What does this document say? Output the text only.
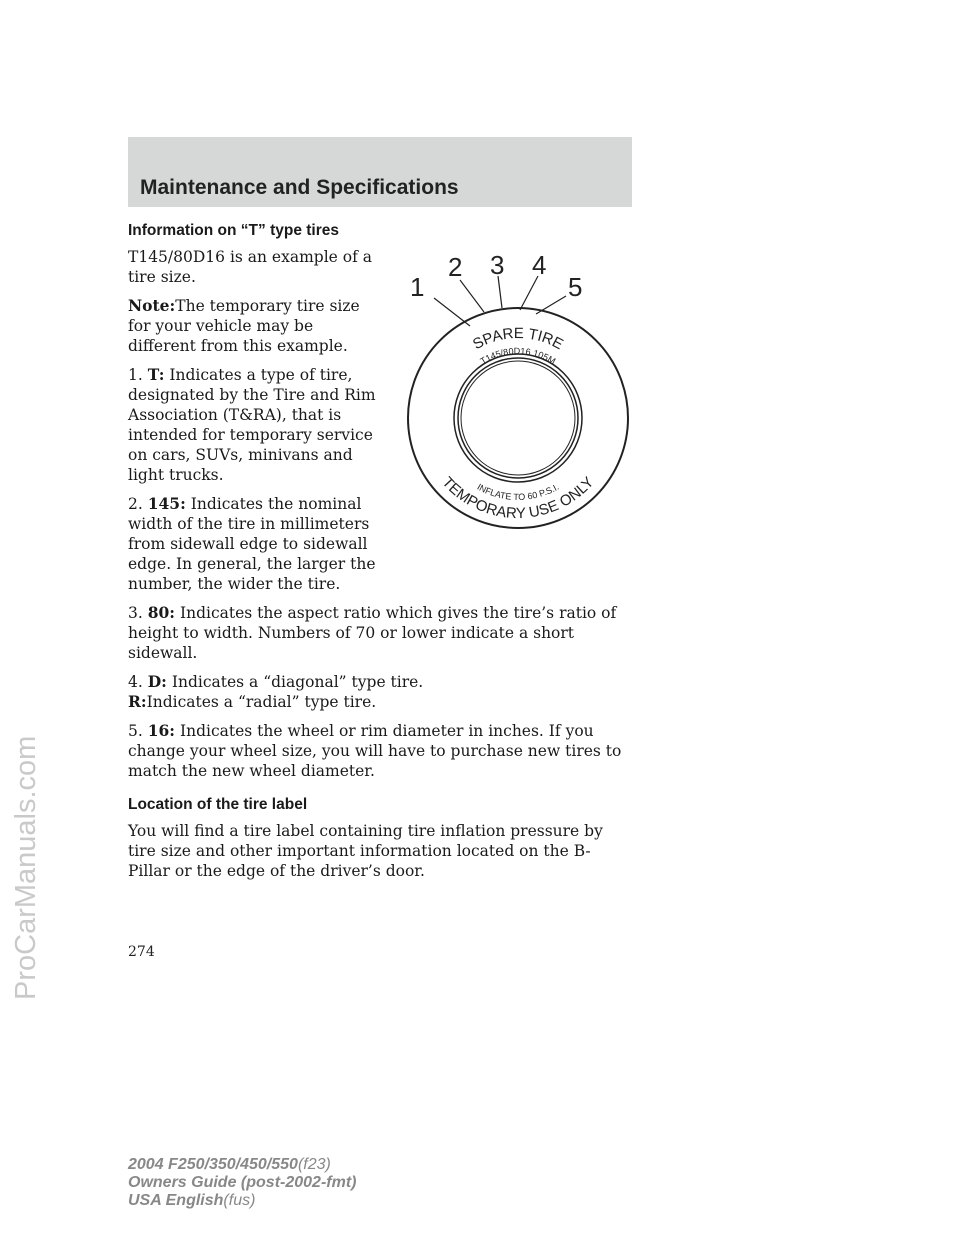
Maintenance and Specifications
ProCarManuals.com
Information on “T” type tires

T145/80D16 is an example of a tire size.

Note:The temporary tire size for your vehicle may be different from this example.

1. T: Indicates a type of tire, designated by the Tire and Rim Association (T&RA), that is intended for temporary service on cars, SUVs, minivans and light trucks.

2. 145: Indicates the nominal width of the tire in millimeters from sidewall edge to sidewall edge. In general, the larger the number, the wider the tire.

3. 80: Indicates the aspect ratio which gives the tire’s ratio of height to width. Numbers of 70 or lower indicate a short sidewall.

4. D: Indicates a “diagonal” type tire.
R:Indicates a “radial” type tire.

5. 16: Indicates the wheel or rim diameter in inches. If you change your wheel size, you will have to purchase new tires to match the new wheel diameter.

Location of the tire label

You will find a tire label containing tire inflation pressure by tire size and other important information located on the B-Pillar or the edge of the driver’s door.

1
2 3 4
5
SPARE TIRE
T145/80D16 105M
TEMPORARY USE ONLY
INFLATE TO 60 P.S.I.
274
2004 F250/350/450/550(f23)
Owners Guide (post-2002-fmt)
USA English(fus)
